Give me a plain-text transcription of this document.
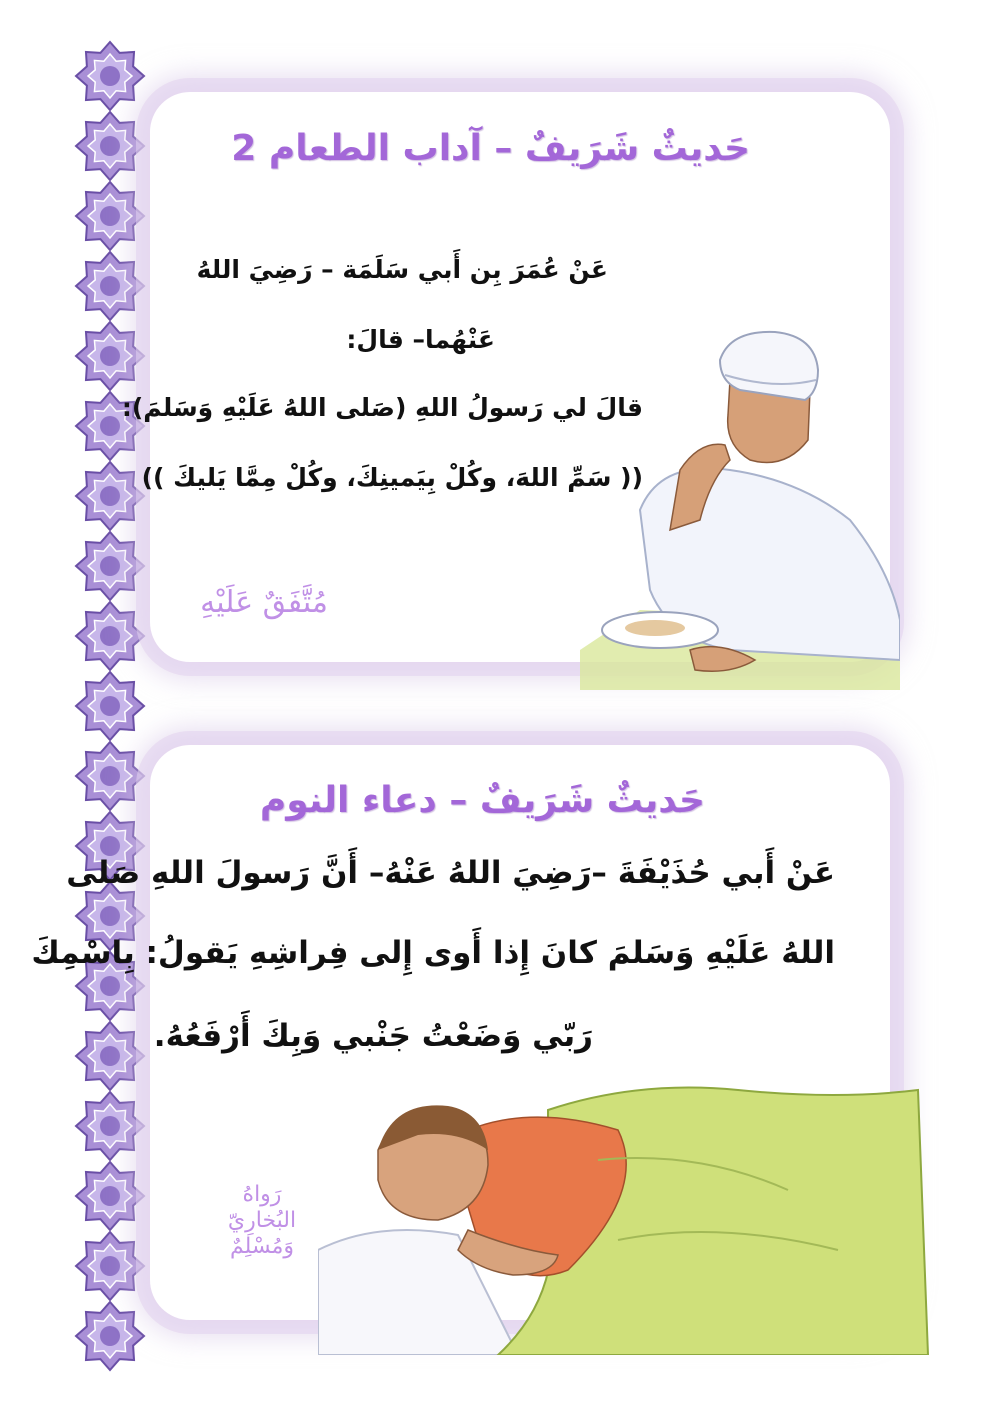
حَديثٌ شَرَيفٌ – آداب الطعام 2
عَنْ عُمَرَ بِن أَبي سَلَمَة – رَضِيَ اللهُ
عَنْهُما– قالَ:
قالَ لي رَسولُ اللهِ (صَلى اللهُ عَلَيْهِ وَسَلمَ):
(( سَمِّ اللهَ، وكُلْ بِيَمينِكَ، وكُلْ مِمَّا يَليكَ ))
مُتَّفَقٌ عَلَيْهِ
حَديثٌ شَرَيفٌ – دعاء النوم
عَنْ أَبي حُذَيْفَةَ –رَضِيَ اللهُ عَنْهُ– أَنَّ رَسولَ اللهِ صَلى
اللهُ عَلَيْهِ وَسَلمَ كانَ إِذا أَوى إِلى فِراشِهِ يَقولُ: بِاسْمِكَ
رَبّي وَضَعْتُ جَنْبي وَبِكَ أَرْفَعُهُ.
رَواهُ
البُخارِيّ
وَمُسْلِمٌ
